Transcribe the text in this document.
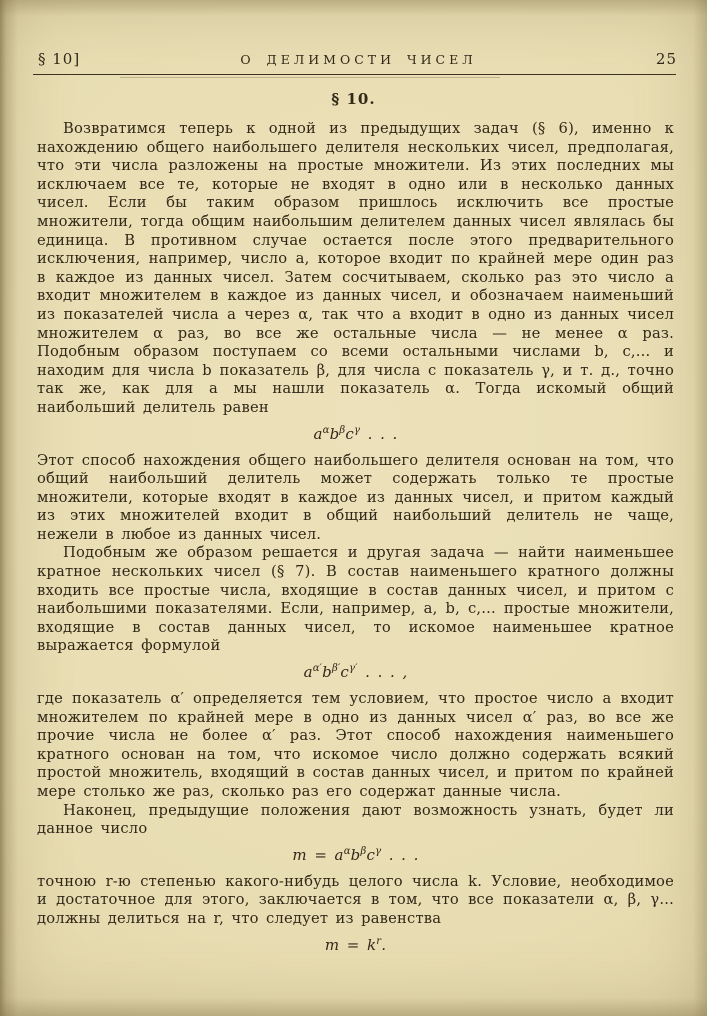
§ 10]	О ДЕЛИМОСТИ ЧИСЕЛ	25
§ 10.

Возвратимся теперь к одной из предыдущих задач (§ 6), именно к нахождению общего наибольшего делителя нескольких чисел, предполагая, что эти числа разложены на простые множители. Из этих последних мы исключаем все те, которые не входят в одно или в несколько данных чисел. Если бы таким образом пришлось исключить все простые множители, тогда общим наибольшим делителем данных чисел являлась бы единица. В противном случае остается после этого предварительного исключения, например, число a, которое входит по крайней мере один раз в каждое из данных чисел. Затем сосчитываем, сколько раз это число a входит множителем в каждое из данных чисел, и обозначаем наименьший из показателей числа a через α, так что a входит в одно из данных чисел множителем α раз, во все же остальные числа — не менее α раз. Подобным образом поступаем со всеми остальными числами b, c,... и находим для числа b показатель β, для числа c показатель γ, и т. д., точно так же, как для a мы нашли показатель α. Тогда искомый общий наибольший делитель равен

$a^\alpha b^\beta c^\gamma$ . . .

Этот способ нахождения общего наибольшего делителя основан на том, что общий наибольший делитель может содержать только те простые множители, которые входят в каждое из данных чисел, и притом каждый из этих множителей входит в общий наибольший делитель не чаще, нежели в любое из данных чисел.

Подобным же образом решается и другая задача — найти наименьшее кратное нескольких чисел (§ 7). В состав наименьшего кратного должны входить все простые числа, входящие в состав данных чисел, и притом с наибольшими показателями. Если, например, a, b, c,... простые множители, входящие в состав данных чисел, то искомое наименьшее кратное выражается формулой

$a^{\alpha'}b^{\beta'}c^{\gamma'}$ . . . ,

где показатель α′ определяется тем условием, что простое число a входит множителем по крайней мере в одно из данных чисел α′ раз, во все же прочие числа не более α′ раз. Этот способ нахождения наименьшего кратного основан на том, что искомое число должно содержать всякий простой множитель, входящий в состав данных чисел, и притом по крайней мере столько же раз, сколько раз его содержат данные числа.

Наконец, предыдущие положения дают возможность узнать, будет ли данное число

$m = a^\alpha b^\beta c^\gamma$ . . .

точною r-ю степенью какого-нибудь целого числа k. Условие, необходимое и достаточное для этого, заключается в том, что все показатели α, β, γ... должны делиться на r, что следует из равенства

$m = k^r$.
